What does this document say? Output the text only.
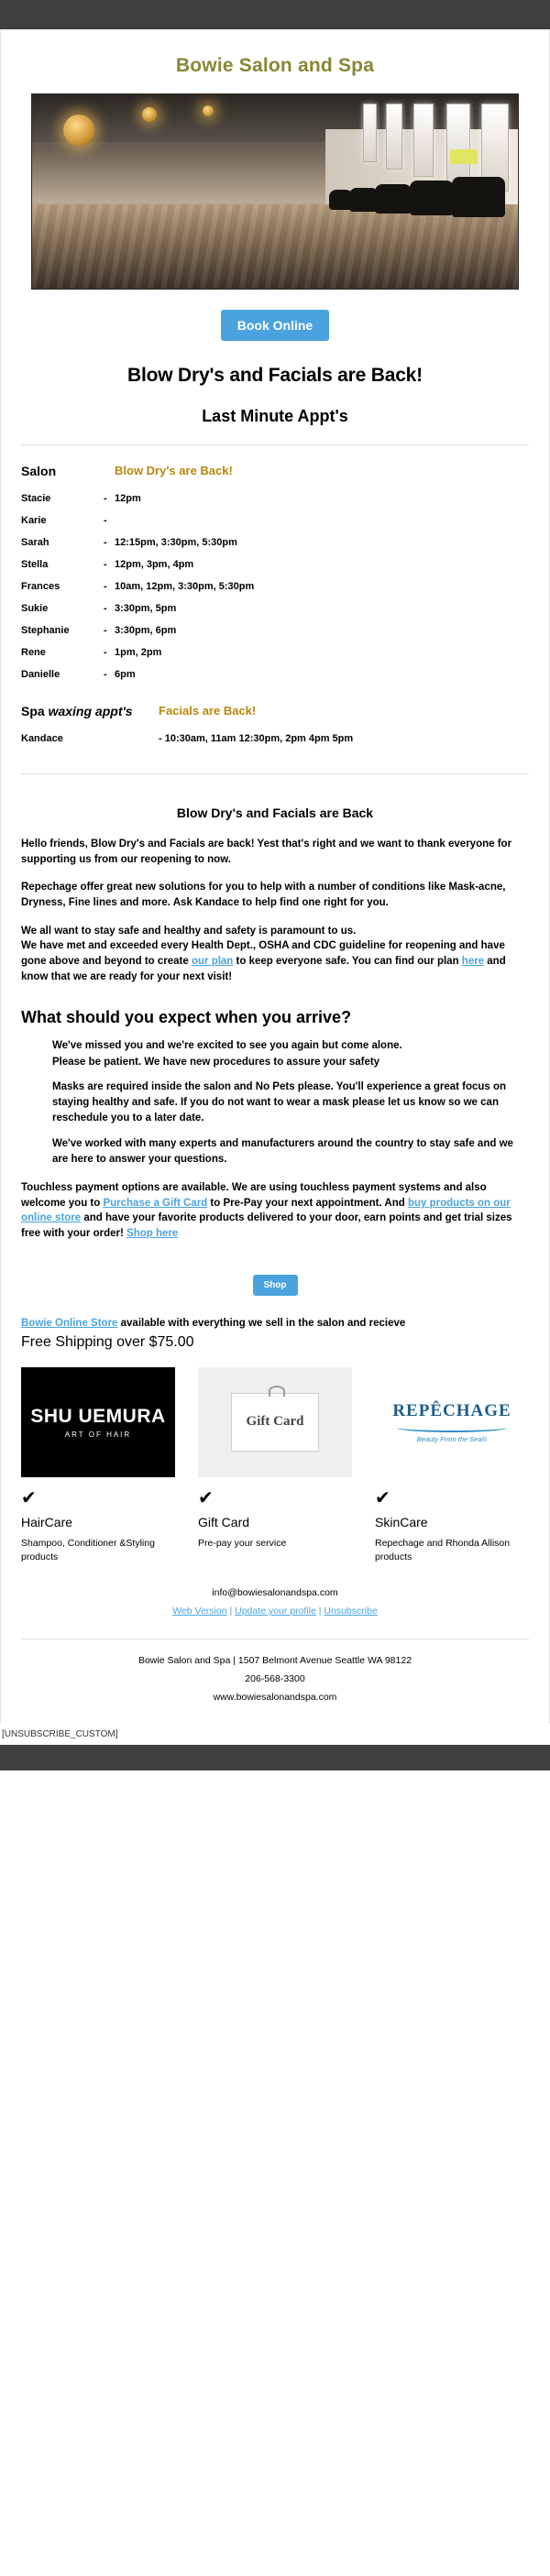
Bowie Salon and Spa
Book Online
Blow Dry's and Facials are Back!
Last Minute Appt's
Salon		Blow Dry's are Back!
Stacie	-	12pm
Karie	-	
Sarah	-	12:15pm, 3:30pm, 5:30pm
Stella	-	12pm, 3pm, 4pm
Frances	-	10am, 12pm, 3:30pm, 5:30pm
Sukie	-	3:30pm, 5pm
Stephanie	-	3:30pm, 6pm
Rene	-	1pm, 2pm
Danielle	-	6pm
Spa waxing appt's	Facials are Back!
Kandace	- 10:30am, 11am 12:30pm, 2pm 4pm 5pm
Blow Dry's and Facials are Back

Hello friends, Blow Dry's and Facials are back! Yest that's right and we want to thank everyone for supporting us from our reopening to now.

Repechage offer great new solutions for you to help with a number of conditions like Mask-acne, Dryness, Fine lines and more. Ask Kandace to help find one right for you.

We all want to stay safe and healthy and safety is paramount to us.
We have met and exceeded every Health Dept., OSHA and CDC guideline for reopening and have gone above and beyond to create our plan to keep everyone safe. You can find our plan here and know that we are ready for your next visit!

What should you expect when you arrive?

We've missed you and we're excited to see you again but come alone.
Please be patient. We have new procedures to assure your safety

Masks are required inside the salon and No Pets please. You'll experience a great focus on staying healthy and safe. If you do not want to wear a mask please let us know so we can reschedule you to a later date.

We've worked with many experts and manufacturers around the country to stay safe and we are here to answer your questions.

Touchless payment options are available. We are using touchless payment systems and also welcome you to Purchase a Gift Card to Pre-Pay your next appointment. And buy products on our online store and have your favorite products delivered to your door, earn points and get trial sizes free with your order! Shop here

Shop

Bowie Online Store available with everything we sell in the salon and recieve

Free Shipping over $75.00
SHU UEMURA
ART OF HAIR
✔
HairCare

Shampoo, Conditioner &Styling products

Gift
Card
✔
Gift Card

Pre-pay your service

REPÊCHAGE
Beauty From the Sea®
✔
SkinCare

Repechage and Rhonda Allison products

info@bowiesalonandspa.com
Web Version | Update your profile | Unsubscribe
Bowie Salon and Spa | 1507 Belmont Avenue Seattle WA 98122
206-568-3300
www.bowiesalonandspa.com
[UNSUBSCRIBE_CUSTOM]
